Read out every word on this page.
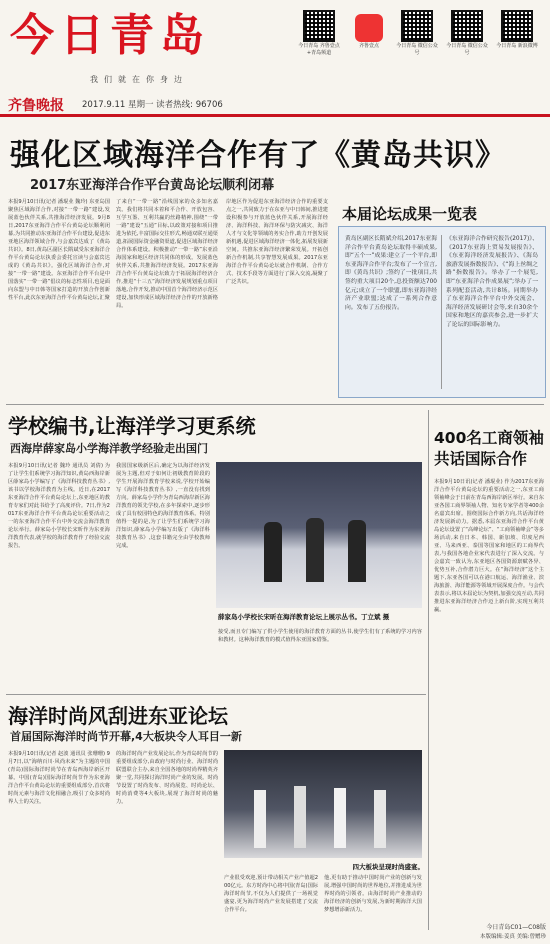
今日青岛
我们就在你身边
齐鲁晚报 2017.9.11 星期一 读者热线: 96706
今日青岛 齐鲁壹点+青岛频道
齐鲁壹点	今日青岛 微信公众号
今日青岛 微信公众号
今日青岛 新浪微博
强化区域海洋合作有了《黄岛共识》
2017东亚海洋合作平台黄岛论坛顺利闭幕
本报9月10日讯(记者 潘琨业 魏玲) 东亚岛国聚焦区域海洋合作,对接“一带一路”建设,发展蓝色伙伴关系,共推海洋经济发展。9月8日,2017东亚海洋合作平台黄岛论坛顺利闭幕,为共同推动东亚海洋合作平台建设,促进东亚地区海洋领域合作,与会嘉宾达成了《黄岛共识》。8日,黄岛区副区长隋斌受东亚海洋合作平台黄岛论坛执委会委托宣读与会嘉宾达成的《黄岛共识》。强化区域海洋合作,对接“一带一路”建设。东亚海洋合作平台是中国落实“一带一路”倡议的标志性项目,也是面向东盟与中日韩等国家打造的开放合作创新性平台,此次东亚海洋合作平台黄岛论坛,汇聚
了来自“一带一路”沿线国家的众多知名嘉宾。我们将共同本着和平合作、开放包容、互学互鉴、互利共赢的丝路精神,围绕“一带一路”建设“五通”目标,以政策对接和项目推进为依托,丰富国际交往形式,畅通双联互通渠道,拓展国际资金融资渠道,促进区域海洋经济合作体系建设。积极推动“一带一路”东亚沿海国家和地区经济共同体的形成。发展蓝色伙伴关系,共推海洋经济发展。2017东亚海洋合作平台黄岛论坛致力于拓展海洋经济合作,推进“十三五”海洋经济发展规划重点项目落地,合作开发,推动中国首个海洋经济示范区建设,加快形成区域海洋经济合作的开放新格局。
岸地区作为促进东亚海洋经济合作的重要支点之一,共同致力于在东亚与中日韩间,推进建设积极参与开放蓝色伙伴关系,开展海洋经济、海洋科技、海洋环保与防灾减灾、海洋人才与文化等领域的务实合作,助力开创发展新机遇,促进区域海洋经济一体化,拓展发展新空间。共推东亚海洋经济繁荣发展。开拓创新合作机制,共享智慧发展成果。2017东亚海洋合作平台黄岛论坛就合作机制、合作方式、技术手段等方面进行了深入交流,凝聚了广泛共识。
本届论坛成果一览表
黄岛区副区长隋斌介绍,2017东亚海洋合作平台黄岛论坛取得丰硕成果,即“五个一”成果:建立了一个平台,即东亚海洋合作平台;发布了一个宣言,即《黄岛共识》;签约了一批项目,共签约重大项目20个,总投资额达700亿元;成立了一个联盟,即东亚海洋经济产业联盟;达成了一系列合作意向。发布了五份报告。
《东亚海洋合作研究报告(2017)》、《2017东亚海上贸易发展报告》、《东亚海洋经济发展报告》、《海岛旅游发展指数报告》、《“海上丝绸之路”指数报告》。举办了一个展览,即“东亚海洋合作成果展”;举办了一系列配套活动,共计8场。同期举办了东亚海洋合作平台中外交流会、海洋经济发展研讨会等,来自30余个国家和地区的嘉宾参会,进一步扩大了论坛的国际影响力。
学校编书,让海洋学习更系统
西海岸薛家岛小学海洋教学经验走出国门
本报9月10日讯(记者 魏玲 通讯员 刘倩) 为了让学生们系统学习海洋知识,黄岛西海岸新区薛家岛小学编写了《海洋科技教育丛书》,该书以学校海洋教育为主线。近日,在2017东亚海洋合作平台黄岛论坛上,东亚地区的教育专家们对此书给予了高度评价。7日,作为2017东亚海洋合作平台黄岛论坛重要活动之一的东亚海洋合作平台中外交流会海洋教育论坛举行。薛家岛小学校长宋昕作为东亚海洋教育代表,就学校的海洋教育作了经验交流报告。
我国国家级新区后,确定为以海洋经济发展为主题,但对于如何让初级教育阶段的学生开展海洋教育学校来说,学校开始编写《海洋科技教育丛书》,一直没有找到方向。薛家岛小学作为青岛西海岸新区海洋教育的领先学校,在多年探索中,逐步形成了具有校园特色的海洋教育体系。特别值得一提的是,为了让学生们系统学习海洋知识,薛家岛小学编写出版了《海洋科技教育丛书》,这套书籍完全由学校教师完成。
薛家岛小学校长宋昕在海洋教育论坛上展示丛书。丁立斌 摄
接受,而且专门编写了供小学生使用的海洋教育方面的丛书,使学生们有了系统的学习内容和教材。这种海洋教育的模式值得东亚国家借鉴。
400名工商领袖共话国际合作
本报9月10日讯(记者 潘琨业) 作为2017东亚海洋合作平台黄岛论坛的重要活动之一,东亚工商领袖峰会于日前在青岛西海岸新区举行。来自东亚各国工商界领袖人物、知名专家学者等400余名嘉宾出席。围绕国际合作新方向,共话海洋经济发展新动力。据悉,本届东亚海洋合作平台黄岛论坛设置了“高峰论坛”、“工商领袖峰会”等多场活动,来自日本、韩国、新加坡、印度尼西亚、马来西亚、泰国等国家和地区的工商界代表,与我国各地企业家代表进行了深入交流。与会嘉宾一致认为,东亚地区各国资源禀赋各异、优势互补,合作潜力巨大。在“海洋经济”这个主题下,东亚各国可以在港口航运、海洋渔业、滨海旅游、海洋能源等领域开展深度合作。与会代表表示,将以本届论坛为契机,加强交流互动,共同推进东亚海洋经济合作迈上新台阶,实现互利共赢。
海洋时尚风刮进东亚论坛
首届国际海洋时尚节开幕,4大板块令人耳目一新
本报9月10日讯(记者 赵波 通讯员 张珊珊) 9月7日,以“海纳百川·风尚未来”为主题的中国(青岛)国际海洋时尚节在青岛西海岸新区开幕。中国(青岛)国际海洋时尚节作为东亚海洋合作平台黄岛论坛的重要组成部分,首次将时尚元素与海洋文化相融合,吸引了众多时尚界人士的关注。
的海洋时尚产业发展论坛,作为青岛时尚节的重要组成部分,由政府与时尚行业、海洋时尚联盟联合主办,来自全国各地的时尚界精英齐聚一堂,共同探讨海洋时尚产业的发展。时尚节设置了时尚发布、时尚展览、时尚论坛、时尚消费等4大板块,展现了海洋时尚的魅力。
四大板块呈现时尚盛宴。
产业很受欢迎,预计带动相关产业产值超200亿元。东方时尚中心将中国(青岛)国际海洋时尚节,不仅为人们提供了一场视觉盛宴,更为海洋时尚产业发展搭建了交流合作平台。
他,更有助于推动中国时尚产业的创新与发展,增强中国时尚的世界地位,并推进成为世界时尚的引领者。由海洋时尚产业推动的海洋经济的创新与发展,为新时期海洋大国梦想增添新活力。
今日青岛C01—C08版
本版编辑:姜真 美编:曾赠珍
